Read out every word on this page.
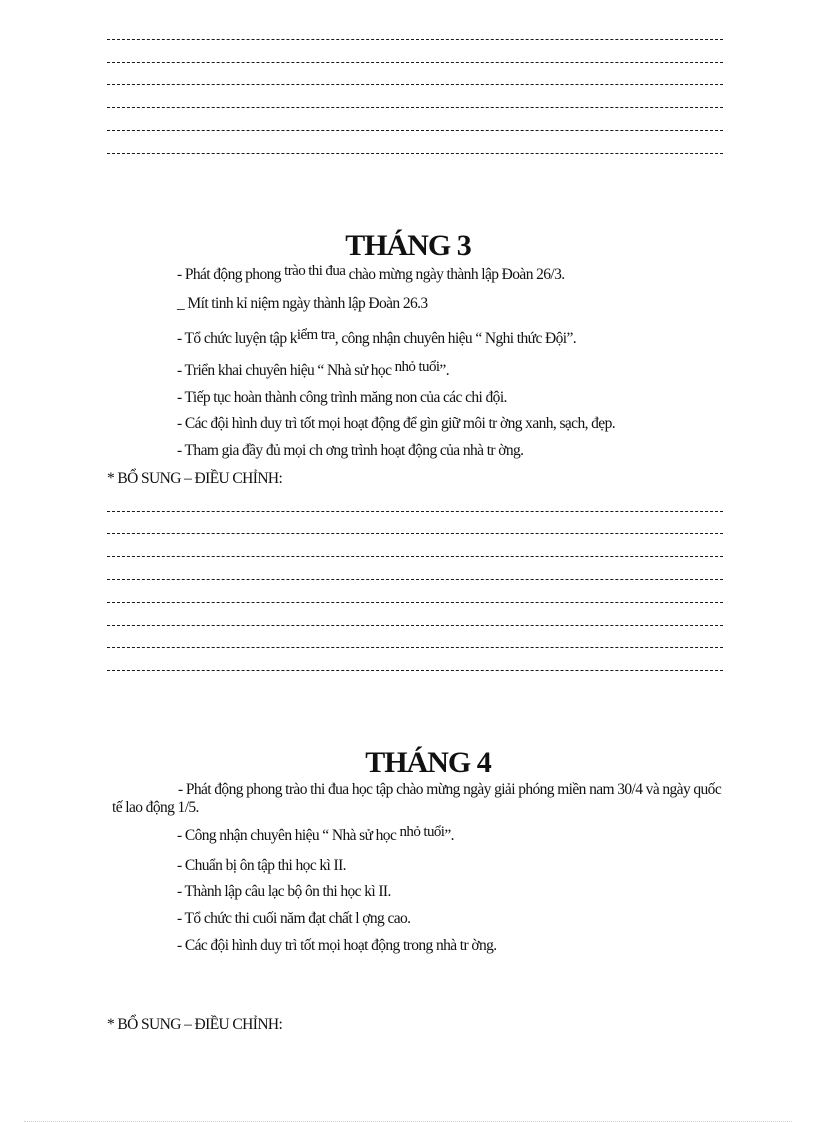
THÁNG 3
- Phát động phong $^{trào thi đua}$ chào mừng ngày thành lập Đoàn 26/3.
_ Mít tinh kỉ niệm ngày thành lập Đoàn 26.3
- Tổ chức luyện tập $k^{iểm tra}$, công nhận chuyên hiệu “ Nghi thức Đội”.
- Triển khai chuyên hiệu “ Nhà sử học $^{nhỏ tuổi}$”.
- Tiếp tục hoàn thành công trình măng non của các chi đội.
- Các đội hình duy trì tốt mọi hoạt động để gìn giữ môi tr ờng xanh, sạch, đẹp.
- Tham gia đầy đủ mọi ch ơng trình hoạt động của nhà tr ờng.
* BỔ SUNG – ĐIỀU CHỈNH:
THÁNG 4
- Phát động phong trào thi đua học tập chào mừng ngày giải phóng miền nam 30/4 và ngày quốc tế lao động 1/5.
- Công nhận chuyên hiệu “ Nhà sử học $^{nhỏ tuổi}$”.
- Chuẩn bị ôn tập thi học kì II.
- Thành lập câu lạc bộ ôn thi học kì II.
- Tổ chức thi cuối năm đạt chất l ợng cao.
- Các đội hình duy trì tốt mọi hoạt động trong nhà tr ờng.
* BỔ SUNG – ĐIỀU CHỈNH:
